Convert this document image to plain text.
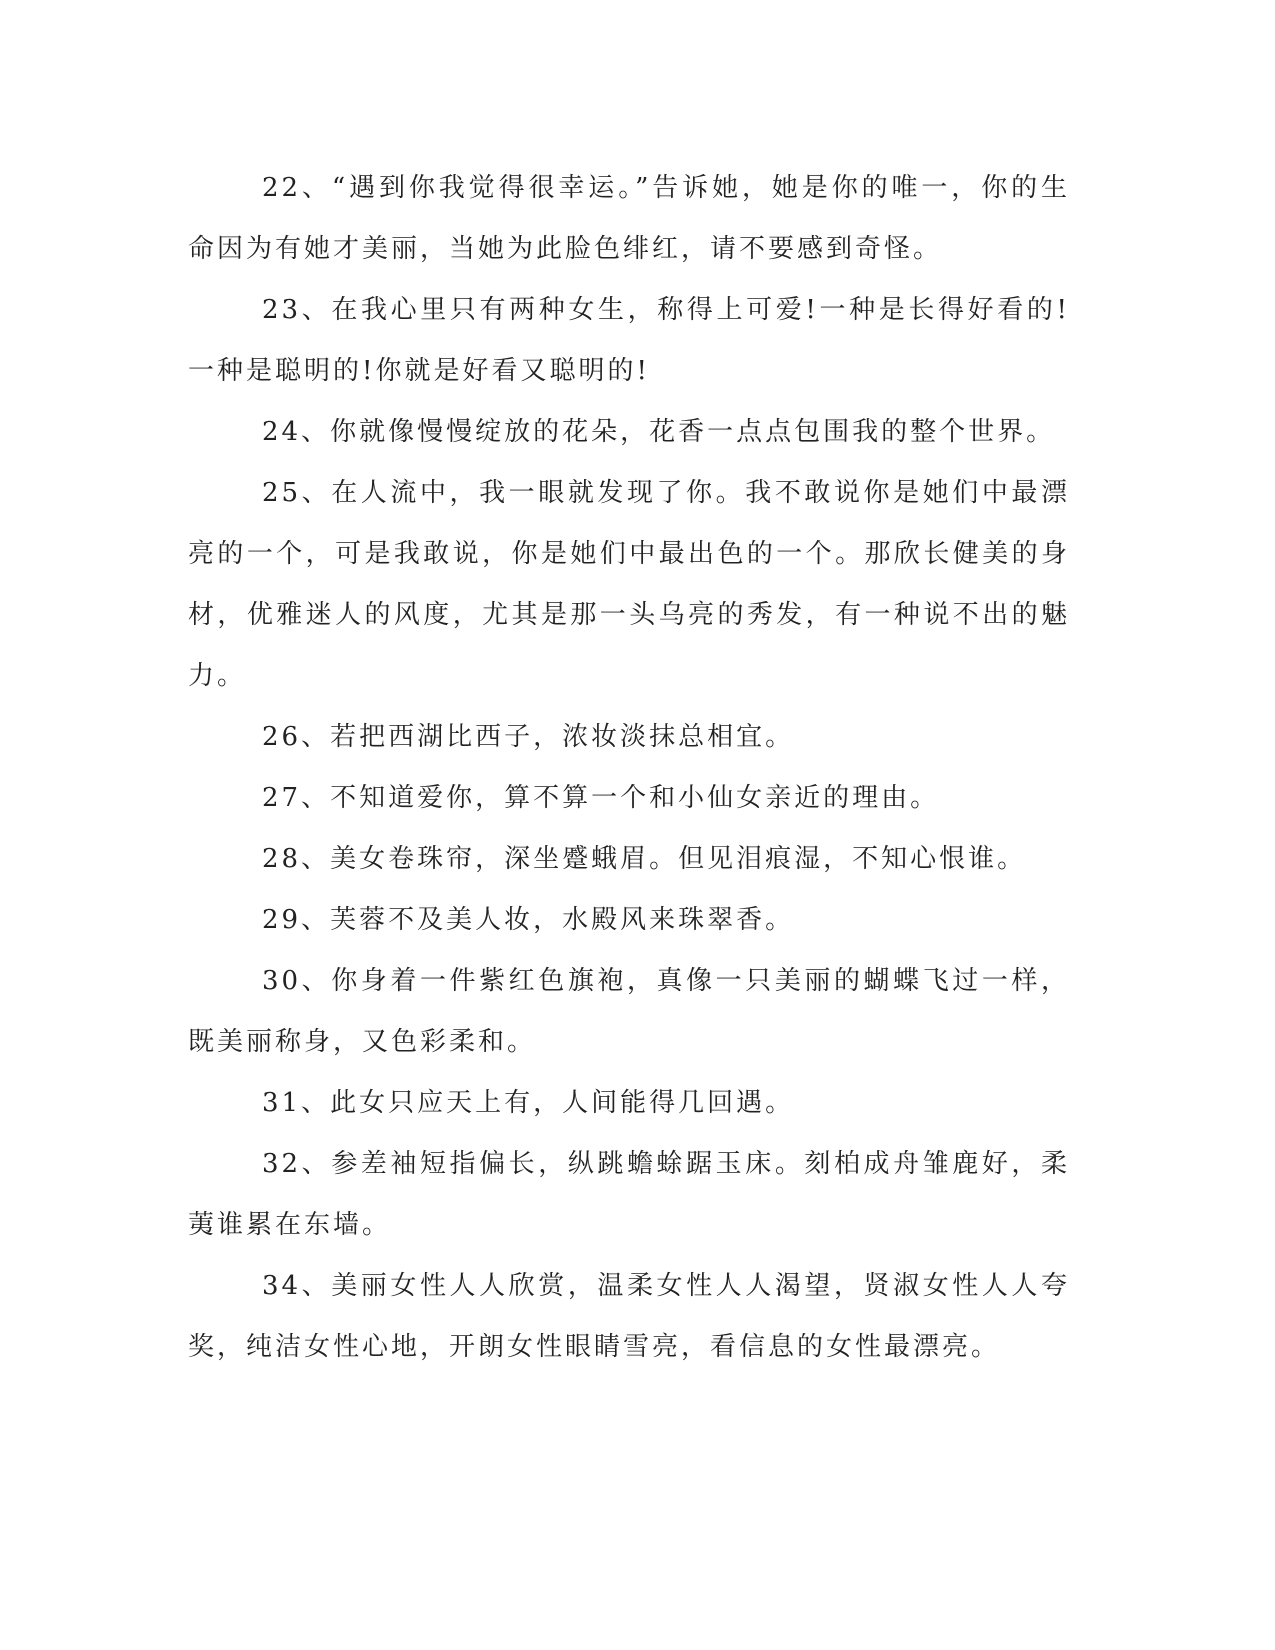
22、“遇到你我觉得很幸运。”告诉她，她是你的唯一，你的生命因为有她才美丽，当她为此脸色绯红，请不要感到奇怪。

23、在我心里只有两种女生，称得上可爱!一种是长得好看的!一种是聪明的!你就是好看又聪明的!

24、你就像慢慢绽放的花朵，花香一点点包围我的整个世界。

25、在人流中，我一眼就发现了你。我不敢说你是她们中最漂亮的一个，可是我敢说，你是她们中最出色的一个。那欣长健美的身材，优雅迷人的风度，尤其是那一头乌亮的秀发，有一种说不出的魅力。

26、若把西湖比西子，浓妆淡抹总相宜。

27、不知道爱你，算不算一个和小仙女亲近的理由。

28、美女卷珠帘，深坐蹙蛾眉。但见泪痕湿，不知心恨谁。

29、芙蓉不及美人妆，水殿风来珠翠香。

30、你身着一件紫红色旗袍，真像一只美丽的蝴蝶飞过一样，既美丽称身，又色彩柔和。

31、此女只应天上有，人间能得几回遇。

32、参差袖短指偏长，纵跳蟾蜍踞玉床。刻柏成舟雏鹿好，柔荑谁累在东墙。

34、美丽女性人人欣赏，温柔女性人人渴望，贤淑女性人人夸奖，纯洁女性心地，开朗女性眼睛雪亮，看信息的女性最漂亮。
